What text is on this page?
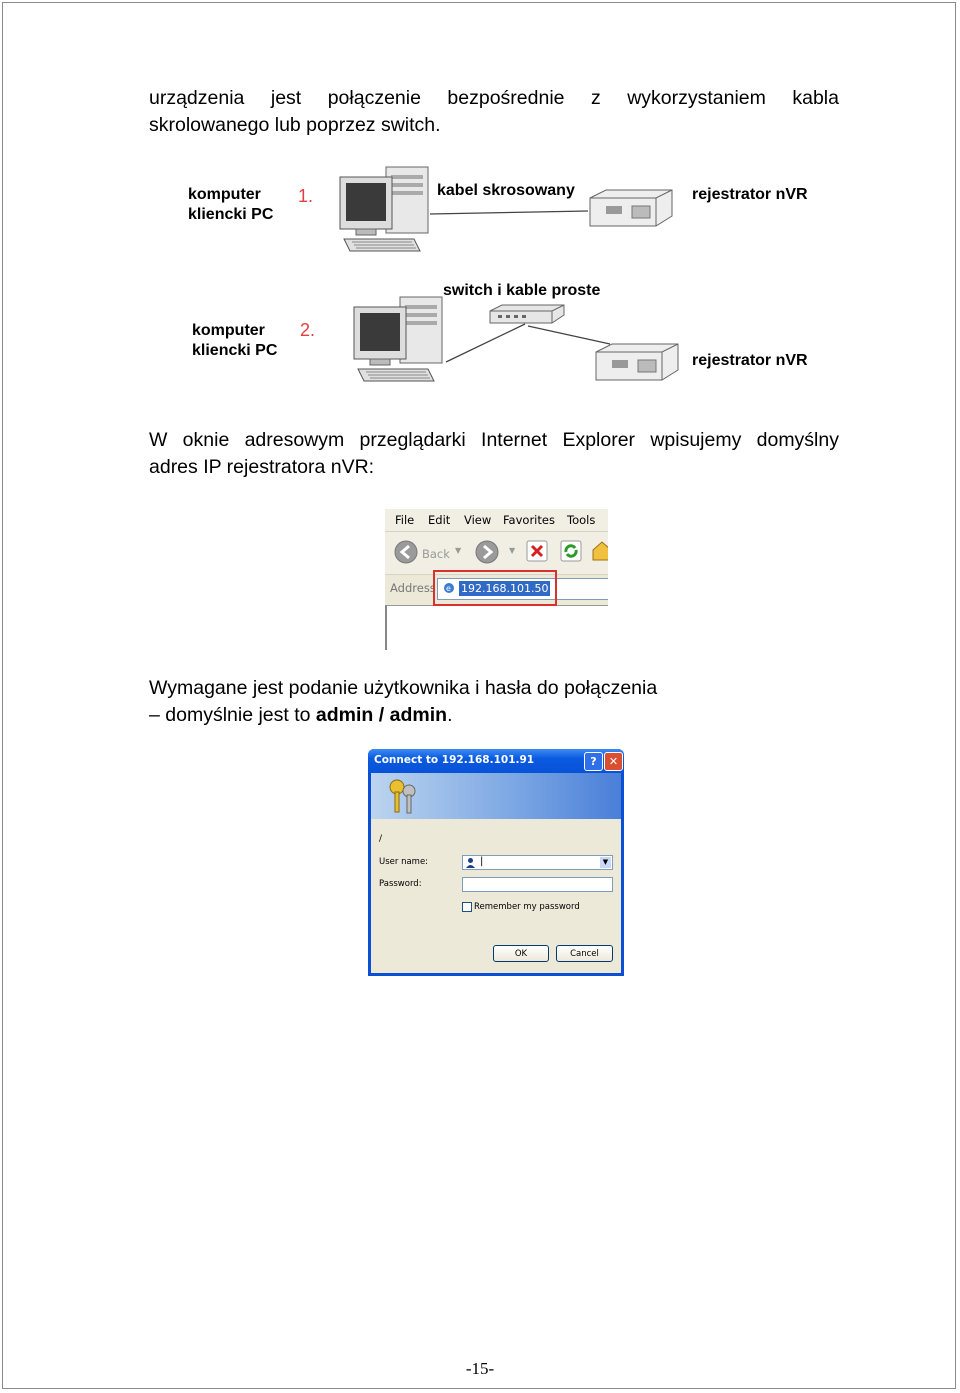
urządzenia jest połączenie bezpośrednie z wykorzystaniem kabla

skrolowanego lub poprzez switch.

komputer
kliencki PC
1.	kabel skrosowany	rejestrator nVR
switch i kable proste
komputer
kliencki PC
2.
rejestrator nVR

W oknie adresowym przeglądarki Internet Explorer wpisujemy domyślny

adres IP rejestratora nVR:

File Edit View Favorites Tools
Back ▼	▼
Address e 192.168.101.50

Wymagane jest podanie użytkownika i hasła do połączenia

– domyślnie jest to admin / admin.

Connect to 192.168.101.91	?	✕
/
User name:	|	▼
Password:
Remember my password
OK	Cancel
-15-
